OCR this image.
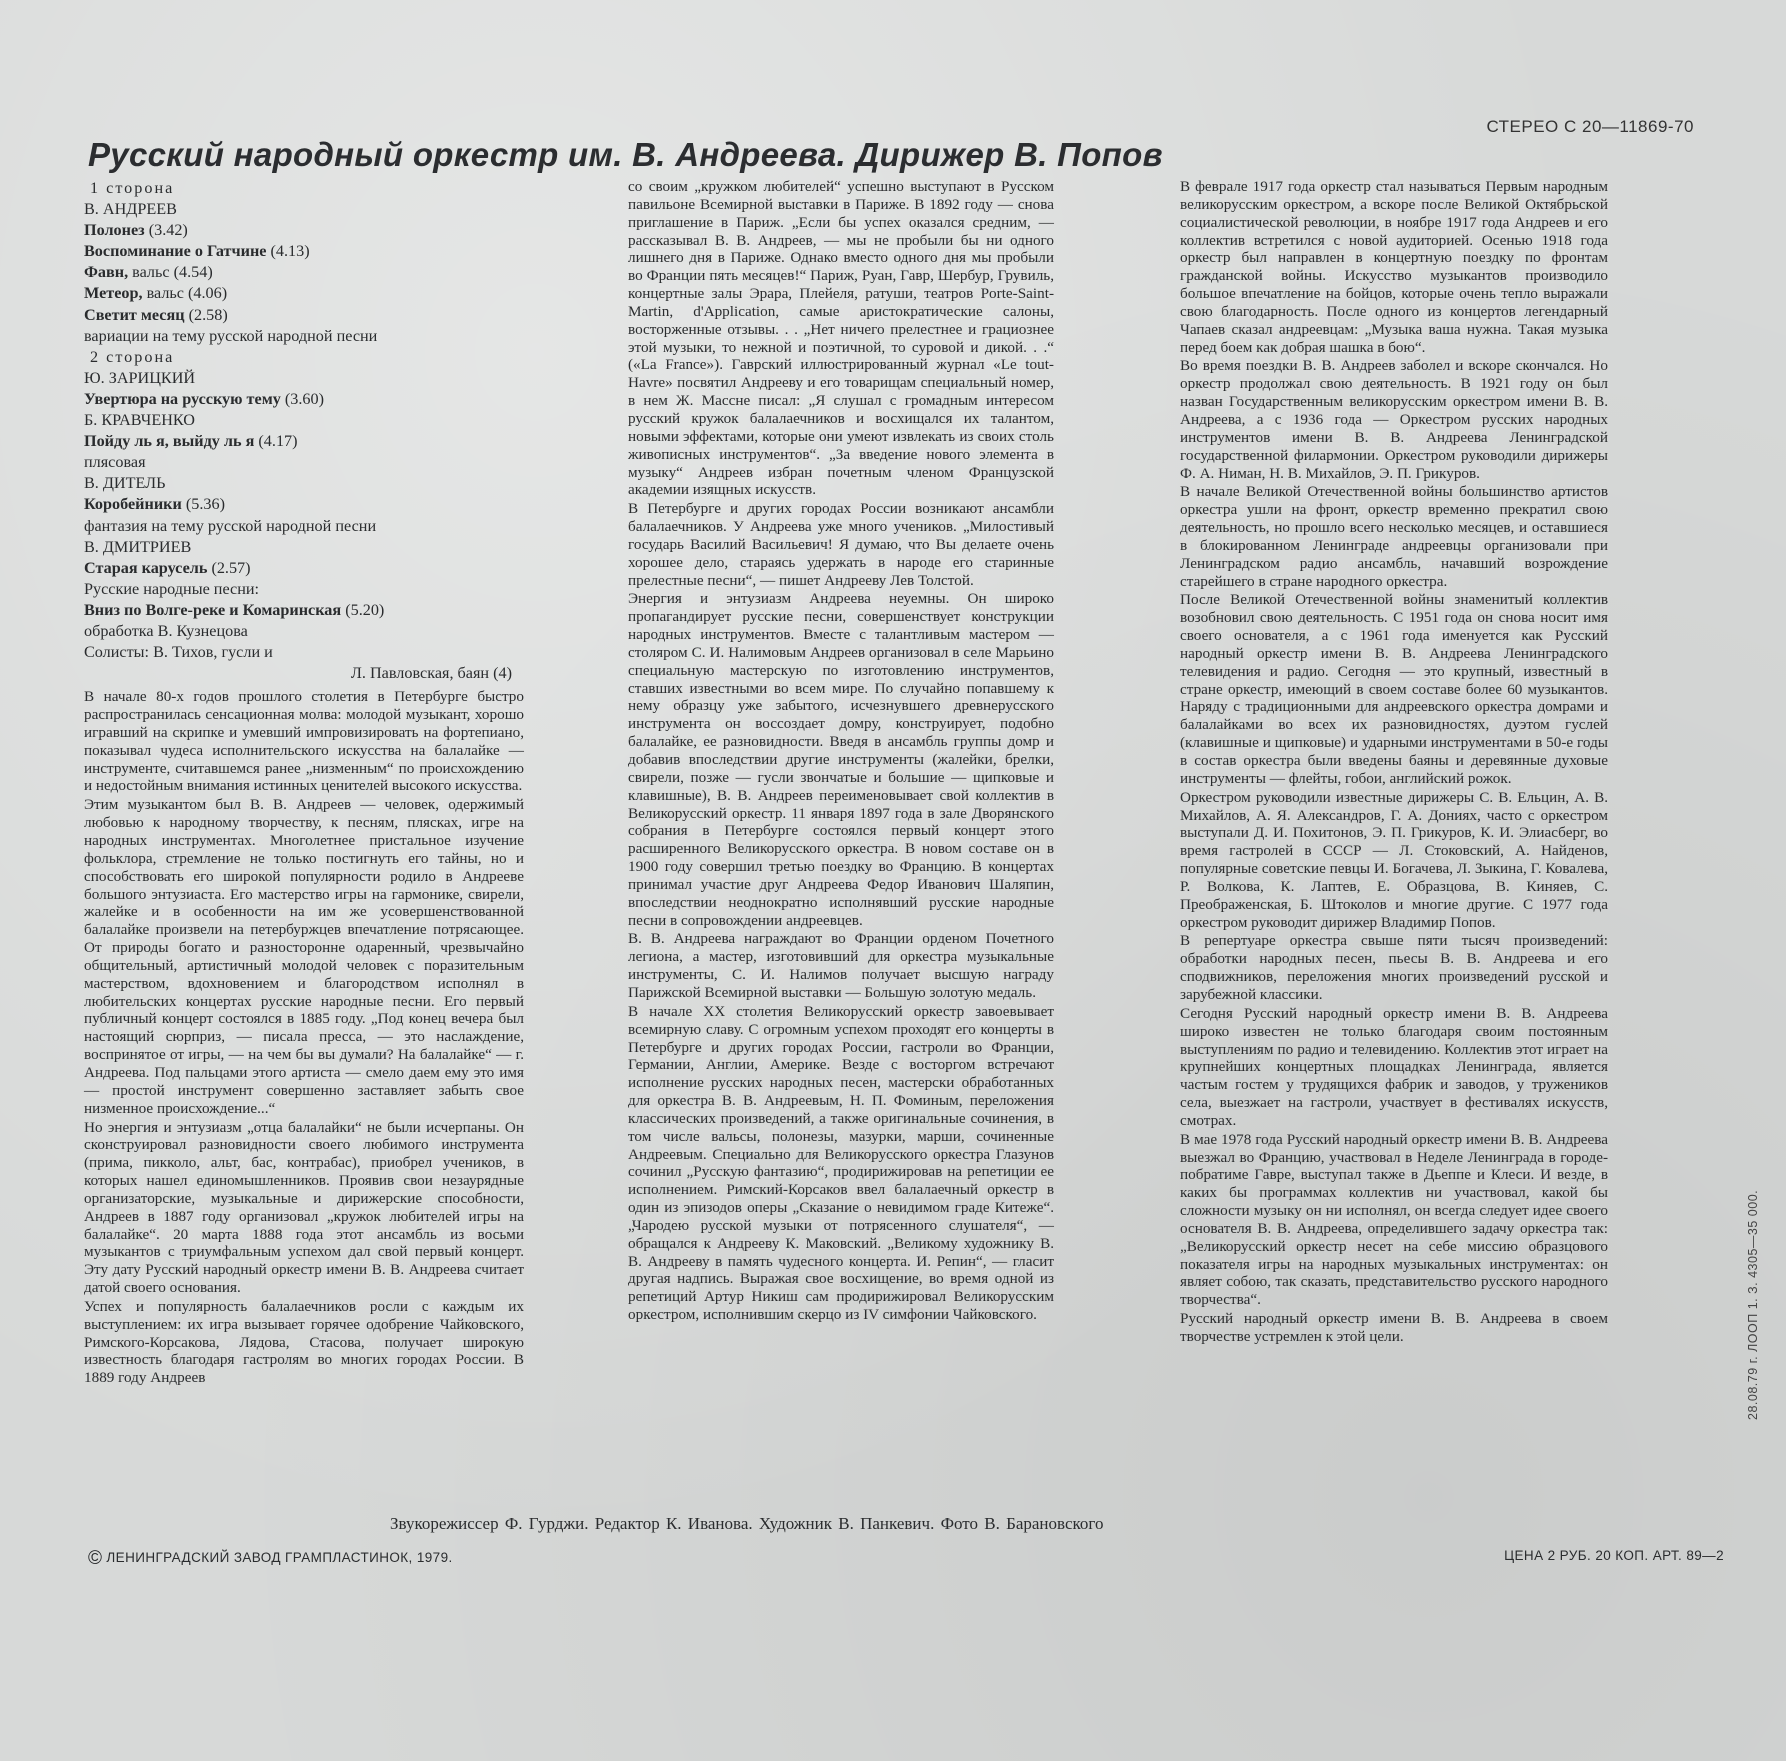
СТЕРЕО С 20—11869-70
Русский народный оркестр им. В. Андреева. Дирижер В. Попов
1 сторона
В. АНДРЕЕВ
Полонез (3.42)
Воспоминание о Гатчине (4.13)
Фавн, вальс (4.54)
Метеор, вальс (4.06)
Светит месяц (2.58)
вариации на тему русской народной песни
2 сторона
Ю. ЗАРИЦКИЙ
Увертюра на русскую тему (3.60)
Б. КРАВЧЕНКО
Пойду ль я, выйду ль я (4.17)
плясовая
В. ДИТЕЛЬ
Коробейники (5.36)
фантазия на тему русской народной песни
В. ДМИТРИЕВ
Старая карусель (2.57)
Русские народные песни:
Вниз по Волге-реке и Комаринская (5.20)
обработка В. Кузнецова
Солисты: В. Тихов, гусли и
Л. Павловская, баян (4)

В начале 80-х годов прошлого столетия в Петербурге быстро распространилась сенсационная молва: молодой музыкант, хорошо игравший на скрипке и умевший импровизировать на фортепиано, показывал чудеса исполнительского искусства на балалайке — инструменте, считавшемся ранее „низменным“ по происхождению и недостойным внимания истинных ценителей высокого искусства.

Этим музыкантом был В. В. Андреев — человек, одержимый любовью к народному творчеству, к песням, плясках, игре на народных инструментах. Многолетнее пристальное изучение фольклора, стремление не только постигнуть его тайны, но и способствовать его широкой популярности родило в Андрееве большого энтузиаста. Его мастерство игры на гармонике, свирели, жалейке и в особенности на им же усовершенствованной балалайке произвели на петербуржцев впечатление потрясающее. От природы богато и разносторонне одаренный, чрезвычайно общительный, артистичный молодой человек с поразительным мастерством, вдохновением и благородством исполнял в любительских концертах русские народные песни. Его первый публичный концерт состоялся в 1885 году. „Под конец вечера был настоящий сюрприз, — писала пресса, — это наслаждение, воспринятое от игры, — на чем бы вы думали? На балалайке“ — г. Андреева. Под пальцами этого артиста — смело даем ему это имя — простой инструмент совершенно заставляет забыть свое низменное происхождение...“

Но энергия и энтузиазм „отца балалайки“ не были исчерпаны. Он сконструировал разновидности своего любимого инструмента (прима, пикколо, альт, бас, контрабас), приобрел учеников, в которых нашел единомышленников. Проявив свои незаурядные организаторские, музыкальные и дирижерские способности, Андреев в 1887 году организовал „кружок любителей игры на балалайке“. 20 марта 1888 года этот ансамбль из восьми музыкантов с триумфальным успехом дал свой первый концерт. Эту дату Русский народный оркестр имени В. В. Андреева считает датой своего основания.

Успех и популярность балалаечников росли с каждым их выступлением: их игра вызывает горячее одобрение Чайковского, Римского-Корсакова, Лядова, Стасова, получает широкую известность благодаря гастролям во многих городах России. В 1889 году Андреев

со своим „кружком любителей“ успешно выступают в Русском павильоне Всемирной выставки в Париже. В 1892 году — снова приглашение в Париж. „Если бы успех оказался средним, — рассказывал В. В. Андреев, — мы не пробыли бы ни одного лишнего дня в Париже. Однако вместо одного дня мы пробыли во Франции пять месяцев!“ Париж, Руан, Гавр, Шербур, Грувиль, концертные залы Эрара, Плейеля, ратуши, театров Porte-Saint-Martin, d'Application, самые аристократические салоны, восторженные отзывы. . . „Нет ничего прелестнее и грациознее этой музыки, то нежной и поэтичной, то суровой и дикой. . .“ («La France»). Гаврский иллюстрированный журнал «Le tout-Havre» посвятил Андрееву и его товарищам специальный номер, в нем Ж. Массне писал: „Я слушал с громадным интересом русский кружок балалаечников и восхищался их талантом, новыми эффектами, которые они умеют извлекать из своих столь живописных инструментов“. „За введение нового элемента в музыку“ Андреев избран почетным членом Французской академии изящных искусств.

В Петербурге и других городах России возникают ансамбли балалаечников. У Андреева уже много учеников. „Милостивый государь Василий Васильевич! Я думаю, что Вы делаете очень хорошее дело, стараясь удержать в народе его старинные прелестные песни“, — пишет Андрееву Лев Толстой.

Энергия и энтузиазм Андреева неуемны. Он широко пропагандирует русские песни, совершенствует конструкции народных инструментов. Вместе с талантливым мастером — столяром С. И. Налимовым Андреев организовал в селе Марьино специальную мастерскую по изготовлению инструментов, ставших известными во всем мире. По случайно попавшему к нему образцу уже забытого, исчезнувшего древнерусского инструмента он воссоздает домру, конструирует, подобно балалайке, ее разновидности. Введя в ансамбль группы домр и добавив впоследствии другие инструменты (жалейки, брелки, свирели, позже — гусли звончатые и большие — щипковые и клавишные), В. В. Андреев переименовывает свой коллектив в Великорусский оркестр. 11 января 1897 года в зале Дворянского собрания в Петербурге состоялся первый концерт этого расширенного Великорусского оркестра. В новом составе он в 1900 году совершил третью поездку во Францию. В концертах принимал участие друг Андреева Федор Иванович Шаляпин, впоследствии неоднократно исполнявший русские народные песни в сопровождении андреевцев.

В. В. Андреева награждают во Франции орденом Почетного легиона, а мастер, изготовивший для оркестра музыкальные инструменты, С. И. Налимов получает высшую награду Парижской Всемирной выставки — Большую золотую медаль.

В начале XX столетия Великорусский оркестр завоевывает всемирную славу. С огромным успехом проходят его концерты в Петербурге и других городах России, гастроли во Франции, Германии, Англии, Америке. Везде с восторгом встречают исполнение русских народных песен, мастерски обработанных для оркестра В. В. Андреевым, Н. П. Фоминым, переложения классических произведений, а также оригинальные сочинения, в том числе вальсы, полонезы, мазурки, марши, сочиненные Андреевым. Специально для Великорусского оркестра Глазунов сочинил „Русскую фантазию“, продирижировав на репетиции ее исполнением. Римский-Корсаков ввел балалаечный оркестр в один из эпизодов оперы „Сказание о невидимом граде Китеже“. „Чародею русской музыки от потрясенного слушателя“, — обращался к Андрееву К. Маковский. „Великому художнику В. В. Андрееву в память чудесного концерта. И. Репин“, — гласит другая надпись. Выражая свое восхищение, во время одной из репетиций Артур Никиш сам продирижировал Великорусским оркестром, исполнившим скерцо из IV симфонии Чайковского.

В феврале 1917 года оркестр стал называться Первым народным великорусским оркестром, а вскоре после Великой Октябрьской социалистической революции, в ноябре 1917 года Андреев и его коллектив встретился с новой аудиторией. Осенью 1918 года оркестр был направлен в концертную поездку по фронтам гражданской войны. Искусство музыкантов производило большое впечатление на бойцов, которые очень тепло выражали свою благодарность. После одного из концертов легендарный Чапаев сказал андреевцам: „Музыка ваша нужна. Такая музыка перед боем как добрая шашка в бою“.

Во время поездки В. В. Андреев заболел и вскоре скончался. Но оркестр продолжал свою деятельность. В 1921 году он был назван Государственным великорусским оркестром имени В. В. Андреева, а с 1936 года — Оркестром русских народных инструментов имени В. В. Андреева Ленинградской государственной филармонии. Оркестром руководили дирижеры Ф. А. Ниман, Н. В. Михайлов, Э. П. Грикуров.

В начале Великой Отечественной войны большинство артистов оркестра ушли на фронт, оркестр временно прекратил свою деятельность, но прошло всего несколько месяцев, и оставшиеся в блокированном Ленинграде андреевцы организовали при Ленинградском радио ансамбль, начавший возрождение старейшего в стране народного оркестра.

После Великой Отечественной войны знаменитый коллектив возобновил свою деятельность. С 1951 года он снова носит имя своего основателя, а с 1961 года именуется как Русский народный оркестр имени В. В. Андреева Ленинградского телевидения и радио. Сегодня — это крупный, известный в стране оркестр, имеющий в своем составе более 60 музыкантов. Наряду с традиционными для андреевского оркестра домрами и балалайками во всех их разновидностях, дуэтом гуслей (клавишные и щипковые) и ударными инструментами в 50-е годы в состав оркестра были введены баяны и деревянные духовые инструменты — флейты, гобои, английский рожок.

Оркестром руководили известные дирижеры С. В. Ельцин, А. В. Михайлов, А. Я. Александров, Г. А. Дониях, часто с оркестром выступали Д. И. Похитонов, Э. П. Грикуров, К. И. Элиасберг, во время гастролей в СССР — Л. Стоковский, А. Найденов, популярные советские певцы И. Богачева, Л. Зыкина, Г. Ковалева, Р. Волкова, К. Лаптев, Е. Образцова, В. Киняев, С. Преображенская, Б. Штоколов и многие другие. С 1977 года оркестром руководит дирижер Владимир Попов.

В репертуаре оркестра свыше пяти тысяч произведений: обработки народных песен, пьесы В. В. Андреева и его сподвижников, переложения многих произведений русской и зарубежной классики.

Сегодня Русский народный оркестр имени В. В. Андреева широко известен не только благодаря своим постоянным выступлениям по радио и телевидению. Коллектив этот играет на крупнейших концертных площадках Ленинграда, является частым гостем у трудящихся фабрик и заводов, у тружеников села, выезжает на гастроли, участвует в фестивалях искусств, смотрах.

В мае 1978 года Русский народный оркестр имени В. В. Андреева выезжал во Францию, участвовал в Неделе Ленинграда в городе-побратиме Гавре, выступал также в Дьеппе и Клеси. И везде, в каких бы программах коллектив ни участвовал, какой бы сложности музыку он ни исполнял, он всегда следует идее своего основателя В. В. Андреева, определившего задачу оркестра так: „Великорусский оркестр несет на себе миссию образцового показателя игры на народных музыкальных инструментах: он являет собою, так сказать, представительство русского народного творчества“.

Русский народный оркестр имени В. В. Андреева в своем творчестве устремлен к этой цели.

Звукорежиссер Ф. Гурджи. Редактор К. Иванова. Художник В. Панкевич. Фото В. Барановского
© ЛЕНИНГРАДСКИЙ ЗАВОД ГРАМПЛАСТИНОК, 1979.	ЦЕНА 2 РУБ. 20 КОП. АРТ. 89—2
28.08.79 г. ЛООП 1. З. 4305—35 000.
